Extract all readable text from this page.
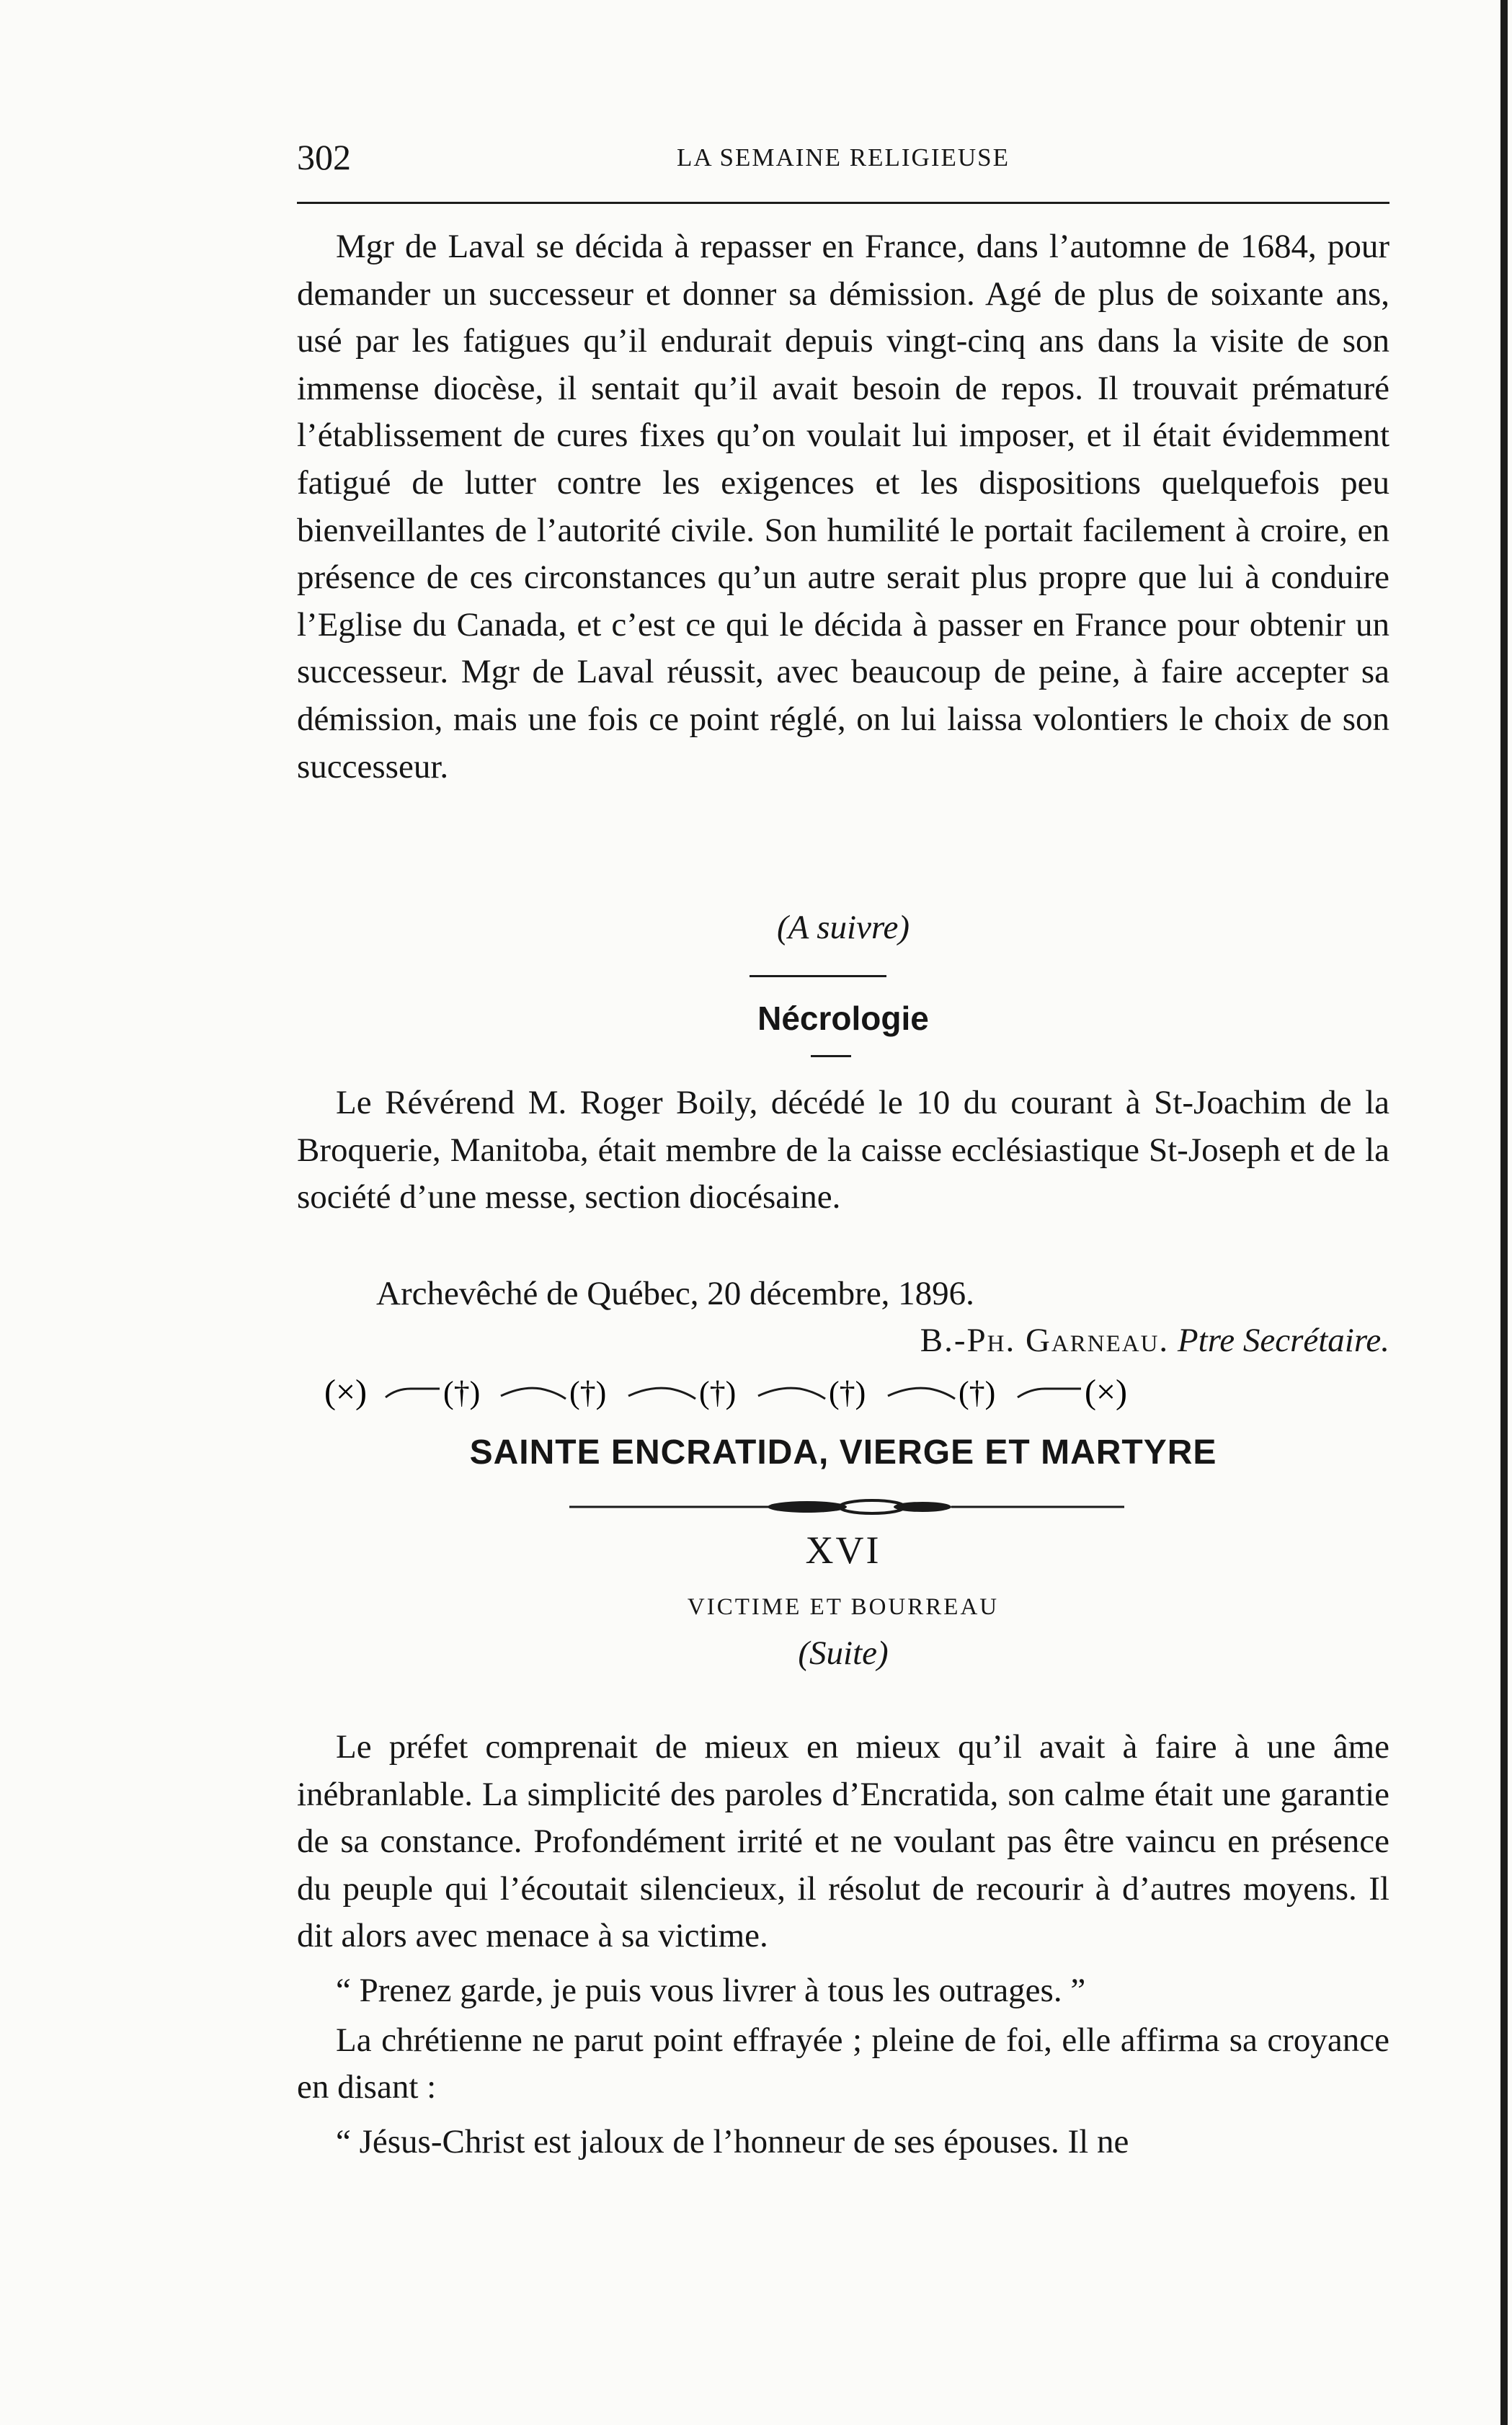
302	LA SEMAINE RELIGIEUSE

Mgr de Laval se décida à repasser en France, dans l’automne de 1684, pour demander un successeur et donner sa démission. Agé de plus de soixante ans, usé par les fatigues qu’il endurait depuis vingt-cinq ans dans la visite de son immense diocèse, il sentait qu’il avait besoin de repos. Il trouvait prématuré l’établissement de cures fixes qu’on voulait lui imposer, et il était évidemment fatigué de lutter contre les exigences et les dispositions quelquefois peu bienveillantes de l’autorité civile. Son humilité le portait facilement à croire, en présence de ces circonstances qu’un autre serait plus propre que lui à conduire l’Eglise du Canada, et c’est ce qui le décida à passer en France pour obtenir un successeur. Mgr de Laval réussit, avec beaucoup de peine, à faire accepter sa démission, mais une fois ce point réglé, on lui laissa volontiers le choix de son successeur.

(A suivre)

Nécrologie

Le Révérend M. Roger Boily, décédé le 10 du courant à St-Joachim de la Broquerie, Manitoba, était membre de la caisse ecclésiastique St-Joseph et de la société d’une messe, section diocésaine.

Archevêché de Québec, 20 décembre, 1896.

B.-Ph. Garneau. Ptre Secrétaire.

(×) (†)	(†)	(†)	(†)	(†)	(×)
SAINTE ENCRATIDA, VIERGE ET MARTYRE

XVI

VICTIME ET BOURREAU

(Suite)

Le préfet comprenait de mieux en mieux qu’il avait à faire à une âme inébranlable. La simplicité des paroles d’Encratida, son calme était une garantie de sa constance. Profondément irrité et ne voulant pas être vaincu en présence du peuple qui l’écoutait silencieux, il résolut de recourir à d’autres moyens. Il dit alors avec menace à sa victime.

“ Prenez garde, je puis vous livrer à tous les outrages. ”

La chrétienne ne parut point effrayée ; pleine de foi, elle affirma sa croyance en disant :

“ Jésus-Christ est jaloux de l’honneur de ses épouses. Il ne
